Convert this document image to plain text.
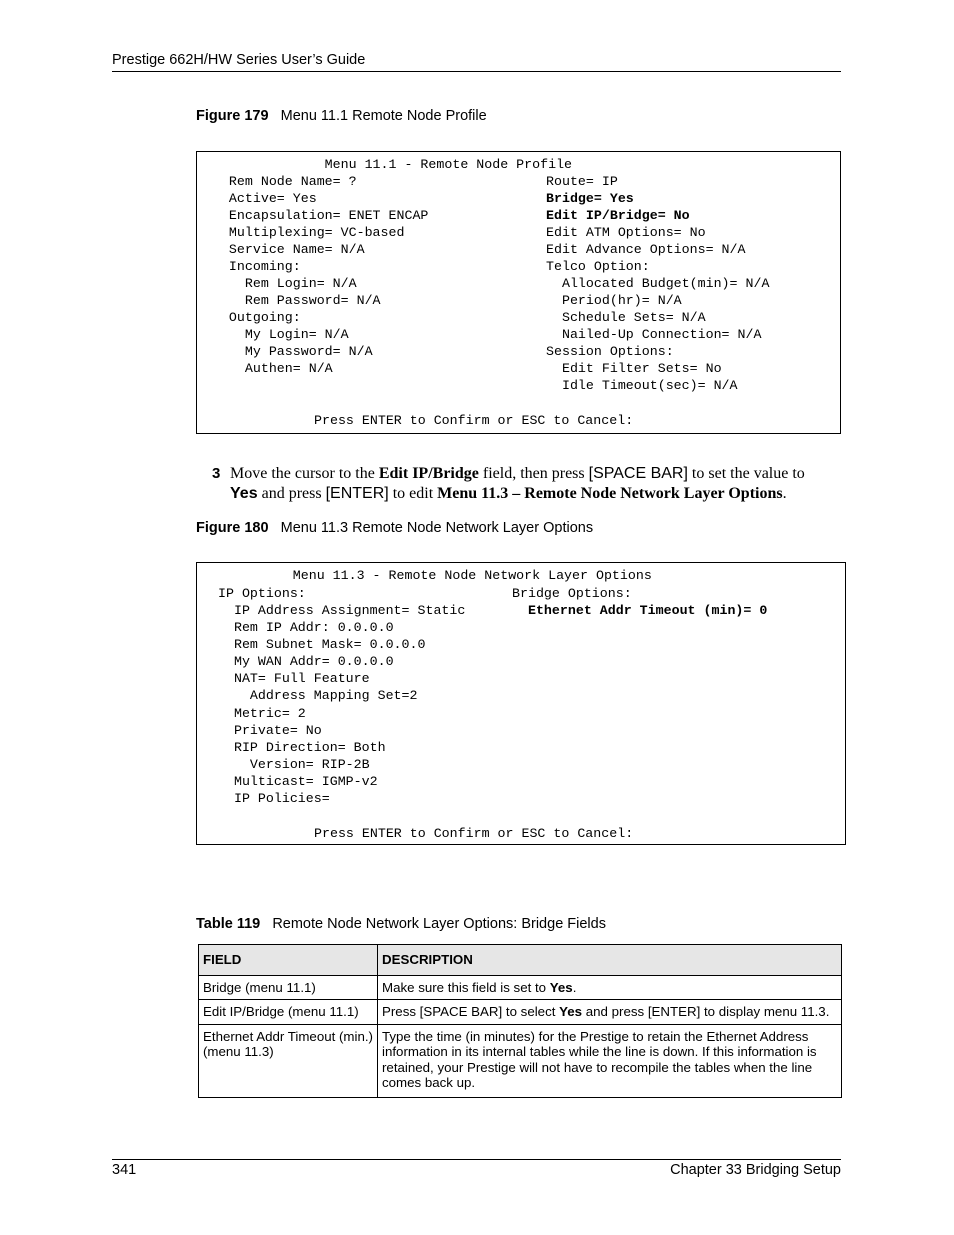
Prestige 662H/HW Series User’s Guide
Figure 179 Menu 11.1 Remote Node Profile
Menu 11.1 - Remote Node Profile
Rem Node Name= ?
Active= Yes
Encapsulation= ENET ENCAP
Multiplexing= VC-based
Service Name= N/A
Incoming:
Rem Login= N/A
Rem Password= N/A
Outgoing:
My Login= N/A
My Password= N/A
Authen= N/A
Route= IP
Bridge= Yes
Edit IP/Bridge= No
Edit ATM Options= No
Edit Advance Options= N/A
Telco Option:
Allocated Budget(min)= N/A
Period(hr)= N/A
Schedule Sets= N/A
Nailed-Up Connection= N/A
Session Options:
Edit Filter Sets= No
Idle Timeout(sec)= N/A
Press ENTER to Confirm or ESC to Cancel:
3 Move the cursor to the Edit IP/Bridge field, then press [SPACE BAR] to set the value to
Yes and press [ENTER] to edit Menu 11.3 – Remote Node Network Layer Options.
Figure 180 Menu 11.3 Remote Node Network Layer Options
Menu 11.3 - Remote Node Network Layer Options
IP Options:
IP Address Assignment= Static
Rem IP Addr: 0.0.0.0
Rem Subnet Mask= 0.0.0.0
My WAN Addr= 0.0.0.0
NAT= Full Feature
Address Mapping Set=2
Metric= 2
Private= No
RIP Direction= Both
Version= RIP-2B
Multicast= IGMP-v2
IP Policies=
Bridge Options:
Ethernet Addr Timeout (min)= 0
Press ENTER to Confirm or ESC to Cancel:
Table 119 Remote Node Network Layer Options: Bridge Fields
FIELD	DESCRIPTION
Bridge (menu 11.1)	Make sure this field is set to Yes.
Edit IP/Bridge (menu 11.1)	Press [SPACE BAR] to select Yes and press [ENTER] to display menu 11.3.
Ethernet Addr Timeout (min.) (menu 11.3)	Type the time (in minutes) for the Prestige to retain the Ethernet Address information in its internal tables while the line is down. If this information is retained, your Prestige will not have to recompile the tables when the line comes back up.
341	Chapter 33 Bridging Setup
